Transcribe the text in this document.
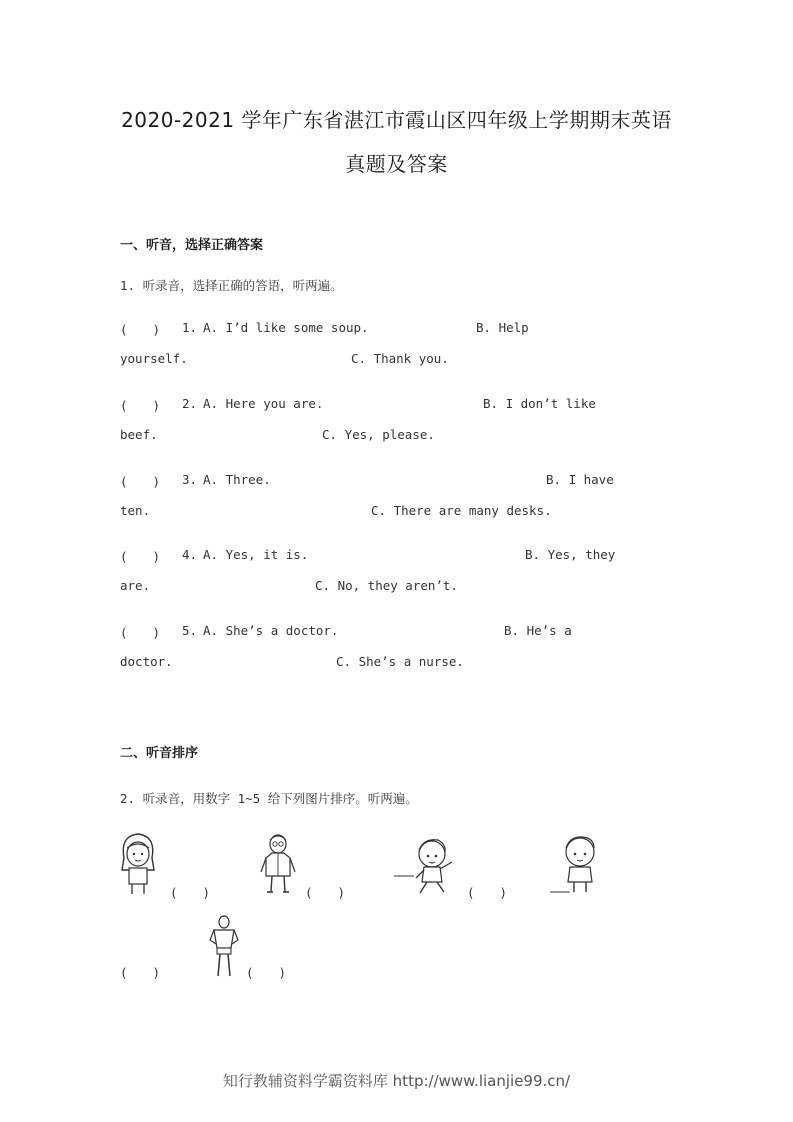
2020-2021 学年广东省湛江市霞山区四年级上学期期末英语
真题及答案
一、听音，选择正确答案
1. 听录音，选择正确的答语，听两遍。
(　　) 1. A. I’d like some soup.	B. Help
yourself.	C. Thank you.
(　　) 2. A. Here you are.	B. I don’t like
beef.	C. Yes, please.
(　　) 3. A. Three.	B. I have
ten.	C. There are many desks.
(　　) 4. A. Yes, it is.	B. Yes, they
are.	C. No, they aren’t.
(　　) 5. A. She’s a doctor.	B. He’s a
doctor.	C. She’s a nurse.
二、听音排序
2. 听录音，用数字 1~5 给下列图片排序。听两遍。
(　　)	(　　)	(　　)
(　　)	(　　)
知行教辅资料学霸资料库 http://www.lianjie99.cn/
